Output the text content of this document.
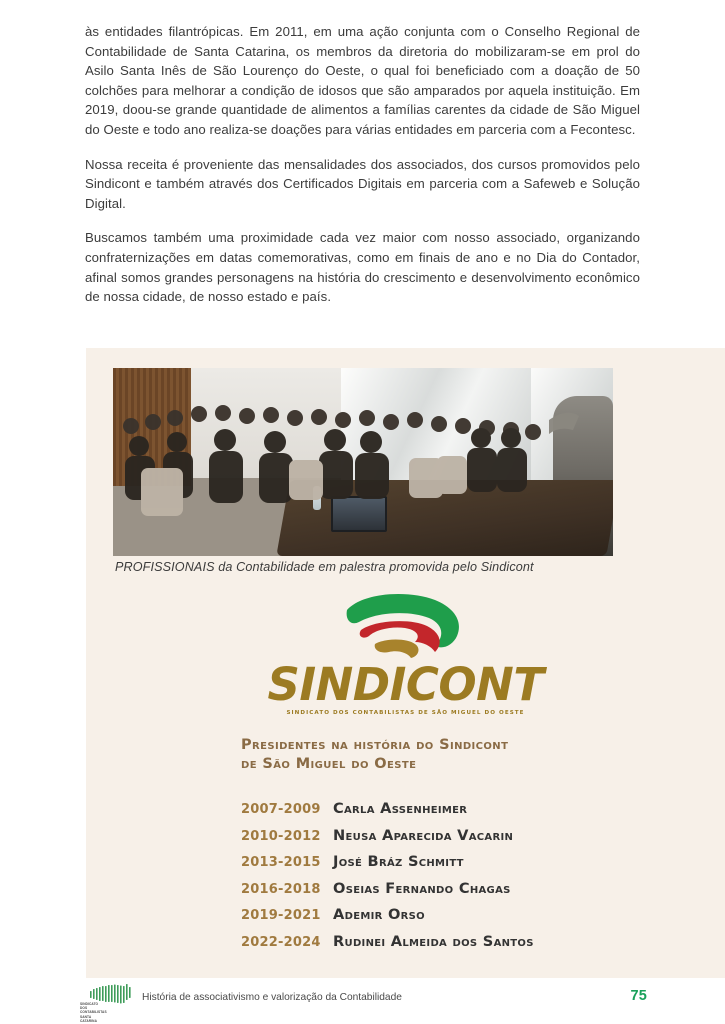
às entidades filantrópicas. Em 2011, em uma ação conjunta com o Conselho Regional de Contabilidade de Santa Catarina, os membros da diretoria do mobilizaram-se em prol do Asilo Santa Inês de São Lourenço do Oeste, o qual foi beneficiado com a doação de 50 colchões para melhorar a condição de idosos que são amparados por aquela instituição. Em 2019, doou-se grande quantidade de alimentos a famílias carentes da cidade de São Miguel do Oeste e todo ano realiza-se doações para várias entidades em parceria com a Fecontesc.

Nossa receita é proveniente das mensalidades dos associados, dos cursos promovidos pelo Sindicont e também através dos Certificados Digitais em parceria com a Safeweb e Solução Digital.

Buscamos também uma proximidade cada vez maior com nosso associado, organizando confraternizações em datas comemorativas, como em finais de ano e no Dia do Contador, afinal somos grandes personagens na história do crescimento e desenvolvimento econômico de nossa cidade, de nosso estado e país.

PROFISSIONAIS da Contabilidade em palestra promovida pelo Sindicont
SINDICONT
SINDICATO DOS CONTABILISTAS DE SÃO MIGUEL DO OESTE
Presidentes na história do Sindicont
de São Miguel do Oeste
2007-2009 Carla Assenheimer
2010-2012 Neusa Aparecida Vacarin
2013-2015 José Bráz Schmitt
2016-2018 Oseias Fernando Chagas
2019-2021 Ademir Orso
2022-2024 Rudinei Almeida dos Santos
SINDICATO
DOS CONTABILISTAS
SANTA CATARINA
História de associativismo e valorização da Contabilidade	75
